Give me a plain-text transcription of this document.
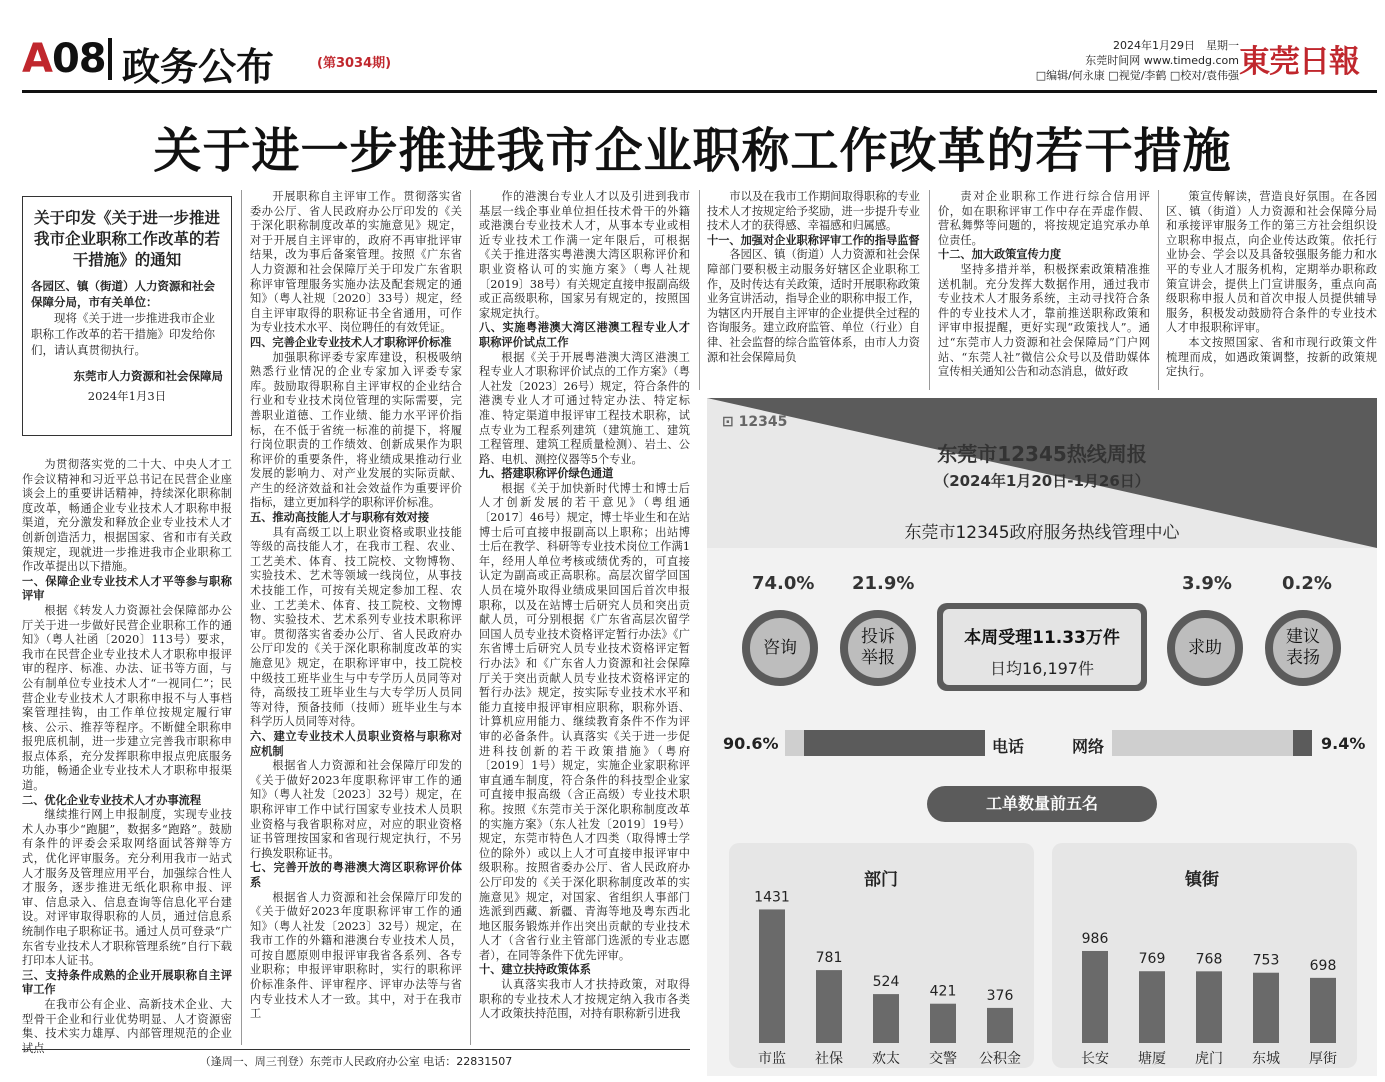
A08 政务公布	(第3034期)
2024年1月29日　星期一
东莞时间网 www.timedg.com
□编辑/何永康 □视觉/李鹤 □校对/袁伟强 東莞日報
关于进一步推进我市企业职称工作改革的若干措施
关于印发《关于进一步推进我市企业职称工作改革的若干措施》的通知
各园区、镇（街道）人力资源和社会保障分局，市有关单位：
现将《关于进一步推进我市企业职称工作改革的若干措施》印发给你们，请认真贯彻执行。
东莞市人力资源和社会保障局
2024年1月3日

为贯彻落实党的二十大、中央人才工作会议精神和习近平总书记在民营企业座谈会上的重要讲话精神，持续深化职称制度改革，畅通企业专业技术人才职称申报渠道，充分激发和释放企业专业技术人才创新创造活力，根据国家、省和市有关政策规定，现就进一步推进我市企业职称工作改革提出以下措施。

一、保障企业专业技术人才平等参与职称评审

根据《转发人力资源社会保障部办公厅关于进一步做好民营企业职称工作的通知》（粤人社函〔2020〕113号）要求，我市在民营企业专业技术人才职称申报评审的程序、标准、办法、证书等方面，与公有制单位专业技术人才“一视同仁”；民营企业专业技术人才职称申报不与人事档案管理挂钩，由工作单位按规定履行审核、公示、推荐等程序。不断健全职称申报兜底机制，进一步建立完善我市职称申报点体系，充分发挥职称申报点兜底服务功能，畅通企业专业技术人才职称申报渠道。

二、优化企业专业技术人才办事流程

继续推行网上申报制度，实现专业技术人办事少“跑腿”，数据多“跑路”。鼓励有条件的评委会采取网络面试答辩等方式，优化评审服务。充分利用我市一站式人才服务及管理应用平台，加强综合性人才服务，逐步推进无纸化职称申报、评审、信息录入、信息查询等信息化平台建设。对评审取得职称的人员，通过信息系统制作电子职称证书。通过人员可登录“广东省专业技术人才职称管理系统”自行下载打印本人证书。

三、支持条件成熟的企业开展职称自主评审工作

在我市公有企业、高新技术企业、大型骨干企业和行业优势明显、人才资源密集、技术实力雄厚、内部管理规范的企业试点

开展职称自主评审工作。贯彻落实省委办公厅、省人民政府办公厅印发的《关于深化职称制度改革的实施意见》规定，对于开展自主评审的，政府不再审批评审结果，改为事后备案管理。按照《广东省人力资源和社会保障厅关于印发广东省职称评审管理服务实施办法及配套规定的通知》（粤人社规〔2020〕33号）规定，经自主评审取得的职称证书全省通用，可作为专业技术水平、岗位聘任的有效凭证。

四、完善企业专业技术人才职称评价标准

加强职称评委专家库建设，积极吸纳熟悉行业情况的企业专家加入评委专家库。鼓励取得职称自主评审权的企业结合行业和专业技术岗位管理的实际需要，完善职业道德、工作业绩、能力水平评价指标，在不低于省统一标准的前提下，将履行岗位职责的工作绩效、创新成果作为职称评价的重要条件，将业绩成果推动行业发展的影响力、对产业发展的实际贡献、产生的经济效益和社会效益作为重要评价指标，建立更加科学的职称评价标准。

五、推动高技能人才与职称有效对接

具有高级工以上职业资格或职业技能等级的高技能人才，在我市工程、农业、工艺美术、体育、技工院校、文物博物、实验技术、艺术等领域一线岗位，从事技术技能工作，可按有关规定参加工程、农业、工艺美术、体育、技工院校、文物博物、实验技术、艺术系列专业技术职称评审。贯彻落实省委办公厅、省人民政府办公厅印发的《关于深化职称制度改革的实施意见》规定，在职称评审中，技工院校中级技工班毕业生与中专学历人员同等对待，高级技工班毕业生与大专学历人员同等对待，预备技师（技师）班毕业生与本科学历人员同等对待。

六、建立专业技术人员职业资格与职称对应机制

根据省人力资源和社会保障厅印发的《关于做好2023年度职称评审工作的通知》（粤人社发〔2023〕32号）规定，在职称评审工作中试行国家专业技术人员职业资格与我省职称对应，对应的职业资格证书管理按国家和省现行规定执行，不另行换发职称证书。

七、完善开放的粤港澳大湾区职称评价体系

根据省人力资源和社会保障厅印发的《关于做好2023年度职称评审工作的通知》（粤人社发〔2023〕32号）规定，在我市工作的外籍和港澳台专业技术人员，可按自愿原则申报评审我省各系列、各专业职称；申报评审职称时，实行的职称评价标准条件、评审程序、评审办法等与省内专业技术人才一致。其中，对于在我市工

作的港澳台专业人才以及引进到我市基层一线企事业单位担任技术骨干的外籍或港澳台专业技术人才，从事本专业或相近专业技术工作满一定年限后，可根据《关于推进落实粤港澳大湾区职称评价和职业资格认可的实施方案》（粤人社规〔2019〕38号）有关规定直接申报副高级或正高级职称，国家另有规定的，按照国家规定执行。

八、实施粤港澳大湾区港澳工程专业人才职称评价试点工作

根据《关于开展粤港澳大湾区港澳工程专业人才职称评价试点的工作方案》（粤人社发〔2023〕26号）规定，符合条件的港澳专业人才可通过特定办法、特定标准、特定渠道申报评审工程技术职称，试点专业为工程系列建筑（建筑施工、建筑工程管理、建筑工程质量检测）、岩土、公路、电机、测控仪器等5个专业。

九、搭建职称评价绿色通道

根据《关于加快新时代博士和博士后人才创新发展的若干意见》（粤组通〔2017〕46号）规定，博士毕业生和在站博士后可直接申报副高以上职称；出站博士后在教学、科研等专业技术岗位工作满1年，经用人单位考核或绩优秀的，可直接认定为副高或正高职称。高层次留学回国人员在境外取得业绩成果回国后首次申报职称，以及在站博士后研究人员和突出贡献人员，可分别根据《广东省高层次留学回国人员专业技术资格评定暂行办法》《广东省博士后研究人员专业技术资格评定暂行办法》和《广东省人力资源和社会保障厅关于突出贡献人员专业技术资格评定的暂行办法》规定，按实际专业技术水平和能力直接申报评审相应职称，职称外语、计算机应用能力、继续教育条件不作为评审的必备条件。认真落实《关于进一步促进科技创新的若干政策措施》（粤府〔2019〕1号）规定，实施企业家职称评审直通车制度，符合条件的科技型企业家可直接申报高级（含正高级）专业技术职称。按照《东莞市关于深化职称制度改革的实施方案》（东人社发〔2019〕19号）规定，东莞市特色人才四类（取得博士学位的除外）或以上人才可直接申报评审中级职称。按照省委办公厅、省人民政府办公厅印发的《关于深化职称制度改革的实施意见》规定，对国家、省组织人事部门选派到西藏、新疆、青海等地及粤东西北地区服务锻炼并作出突出贡献的专业技术人才（含省行业主管部门选派的专业志愿者），在同等条件下优先评审。

十、建立扶持政策体系

认真落实我市人才扶持政策，对取得职称的专业技术人才按规定纳入我市各类人才政策扶持范围，对持有职称新引进我

市以及在我市工作期间取得职称的专业技术人才按规定给予奖励，进一步提升专业技术人才的获得感、幸福感和归属感。

十一、加强对企业职称评审工作的指导监督

各园区、镇（街道）人力资源和社会保障部门要积极主动服务好辖区企业职称工作，及时传达有关政策，适时开展职称政策业务宣讲活动，指导企业的职称申报工作，为辖区内开展自主评审的企业提供全过程的咨询服务。建立政府监管、单位（行业）自律、社会监督的综合监管体系，由市人力资源和社会保障局负

责对企业职称工作进行综合信用评价，如在职称评审工作中存在弄虚作假、营私舞弊等问题的，将按规定追究承办单位责任。

十二、加大政策宣传力度

坚持多措并举，积极探索政策精准推送机制。充分发挥大数据作用，通过我市专业技术人才服务系统，主动寻找符合条件的专业技术人才，靠前推送职称政策和评审申报提醒，更好实现“政策找人”。通过“东莞市人力资源和社会保障局”门户网站、“东莞人社”微信公众号以及借助媒体宣传相关通知公告和动态消息，做好政

策宣传解读，营造良好氛围。在各园区、镇（街道）人力资源和社会保障分局和承接评审服务工作的第三方社会组织设立职称申报点，向企业传达政策。依托行业协会、学会以及具备较强服务能力和水平的专业人才服务机构，定期举办职称政策宣讲会，提供上门宣讲服务，重点向高级职称申报人员和首次申报人员提供辅导服务，积极发动鼓励符合条件的专业技术人才申报职称评审。

本文按照国家、省和市现行政策文件梳理而成，如遇政策调整，按新的政策规定执行。

（逢周一、周三刊登）东莞市人民政府办公室 电话：22831507
⊡ 12345
东莞市12345热线周报
（2024年1月20日-1月26日）
东莞市12345政府服务热线管理中心
74.0% 21.9%	3.9%	0.2%
咨询
投诉举报
本周受理11.33万件
日均16,197件
求助
建议表扬
90.6%	电话	网络	9.4%
工单数量前五名
部门
1431
市监
781
社保
524
欢太
421
交警
376
公积金
镇街
986
长安
769
塘厦
768
虎门
753
东城
698
厚街
